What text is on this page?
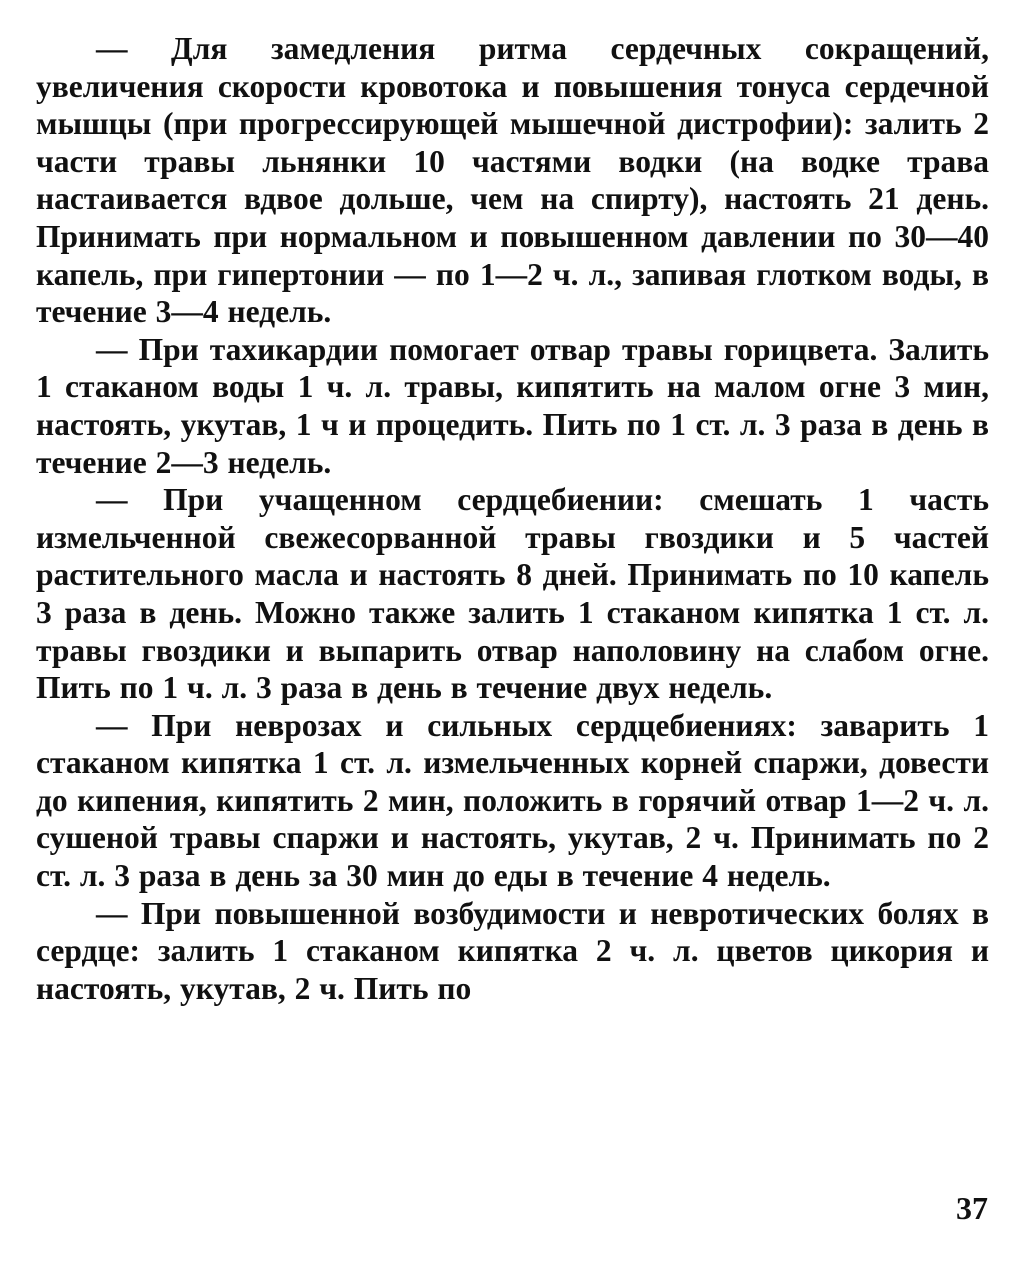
— Для замедления ритма сердечных сокращений, увеличения скорости кровотока и повышения тонуса сердечной мышцы (при прогрессирующей мышечной дистрофии): залить 2 части травы льнянки 10 частями водки (на водке трава настаивается вдвое дольше, чем на спирту), настоять 21 день. Принимать при нормальном и повышенном давлении по 30—40 капель, при гипертонии — по 1—2 ч. л., запивая глотком воды, в течение 3—4 недель.

— При тахикардии помогает отвар травы горицвета. Залить 1 стаканом воды 1 ч. л. травы, кипятить на малом огне 3 мин, настоять, укутав, 1 ч и процедить. Пить по 1 ст. л. 3 раза в день в течение 2—3 недель.

— При учащенном сердцебиении: смешать 1 часть измельченной свежесорванной травы гвоздики и 5 частей растительного масла и настоять 8 дней. Принимать по 10 капель 3 раза в день. Можно также залить 1 стаканом кипятка 1 ст. л. травы гвоздики и выпарить отвар наполовину на слабом огне. Пить по 1 ч. л. 3 раза в день в течение двух недель.

— При неврозах и сильных сердцебиениях: заварить 1 стаканом кипятка 1 ст. л. измельченных корней спаржи, довести до кипения, кипятить 2 мин, положить в горячий отвар 1—2 ч. л. сушеной травы спаржи и настоять, укутав, 2 ч. Принимать по 2 ст. л. 3 раза в день за 30 мин до еды в течение 4 недель.

— При повышенной возбудимости и невротических болях в сердце: залить 1 стаканом кипятка 2 ч. л. цветов цикория и настоять, укутав, 2 ч. Пить по

37
